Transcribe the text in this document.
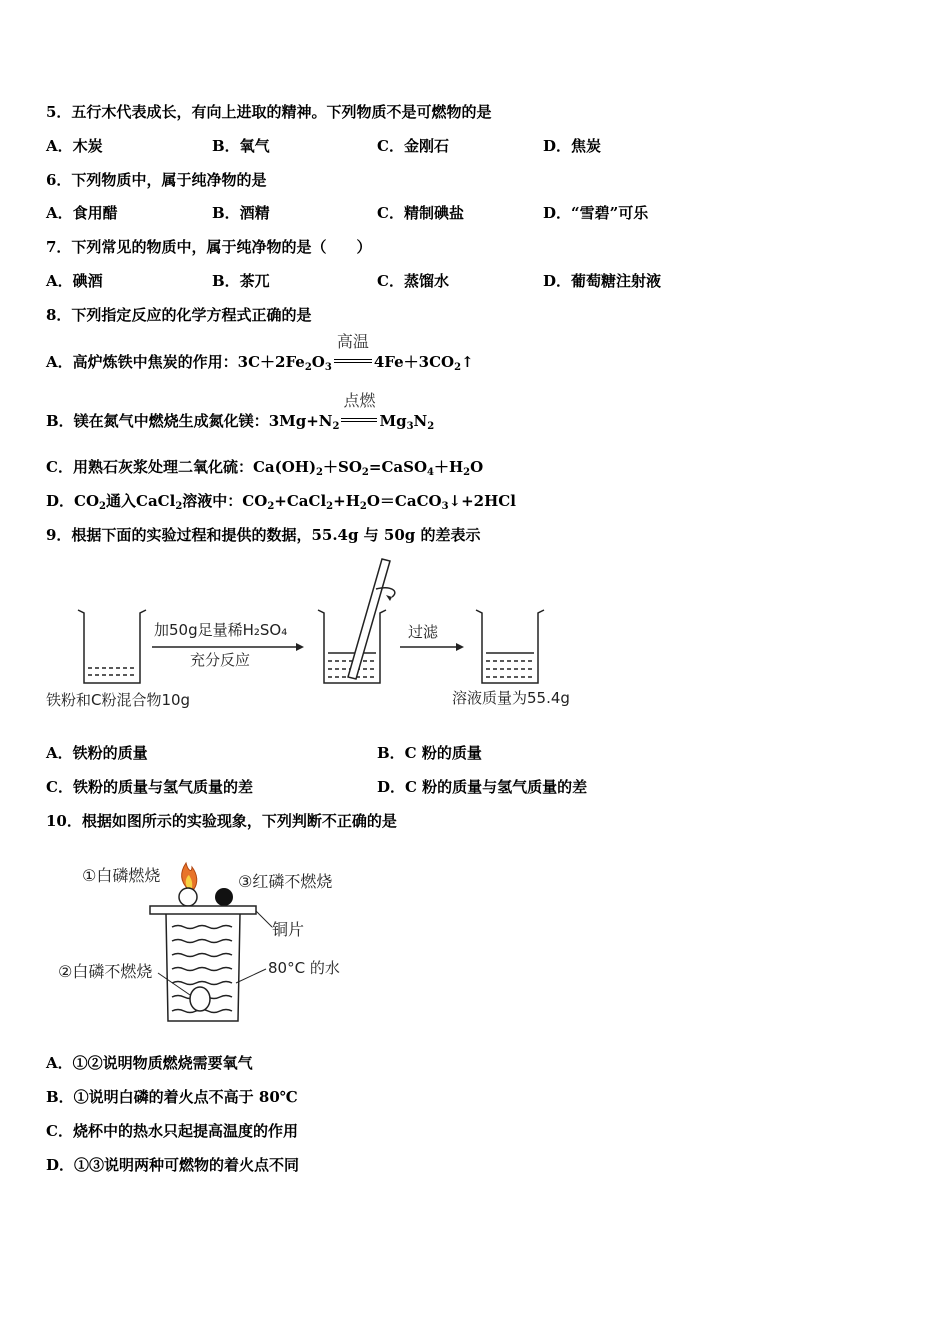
5．五行木代表成长，有向上进取的精神。下列物质不是可燃物的是
A．木炭	B．氧气	C．金刚石	D．焦炭
6．下列物质中，属于纯净物的是
A．食用醋	B．酒精	C．精制碘盐	D．“雪碧”可乐
7．下列常见的物质中，属于纯净物的是（　　）
A．碘酒	B．茶兀	C．蒸馏水	D．葡萄糖注射液
8．下列指定反应的化学方程式正确的是
A．高炉炼铁中焦炭的作用：$3C+2Fe_2O_3$
高温
$4Fe+3CO_2↑$
B．镁在氮气中燃烧生成氮化镁：$3Mg+N_2$
点燃
$Mg_3N_2$
C．用熟石灰浆处理二氧化硫：$Ca(OH)_2+SO_2=CaSO_4+H_2O$
D．$CO_2$通入CaCl$_2$溶液中：$CO_2+CaCl_2+H_2O=CaCO_3↓+2HCl$
9．根据下面的实验过程和提供的数据，55.4g 与 50g 的差表示
加50g足量稀H₂SO₄
充分反应
过滤
铁粉和C粉混合物10g	溶液质量为55.4g
A．铁粉的质量	B．C 粉的质量
C．铁粉的质量与氢气质量的差	D．C 粉的质量与氢气质量的差
10．根据如图所示的实验现象，下列判断不正确的是
①白磷燃烧	③红磷不燃烧
铜片
②白磷不燃烧	80°C 的水
A．①②说明物质燃烧需要氧气
B．①说明白磷的着火点不高于 80℃
C．烧杯中的热水只起提高温度的作用
D．①③说明两种可燃物的着火点不同
